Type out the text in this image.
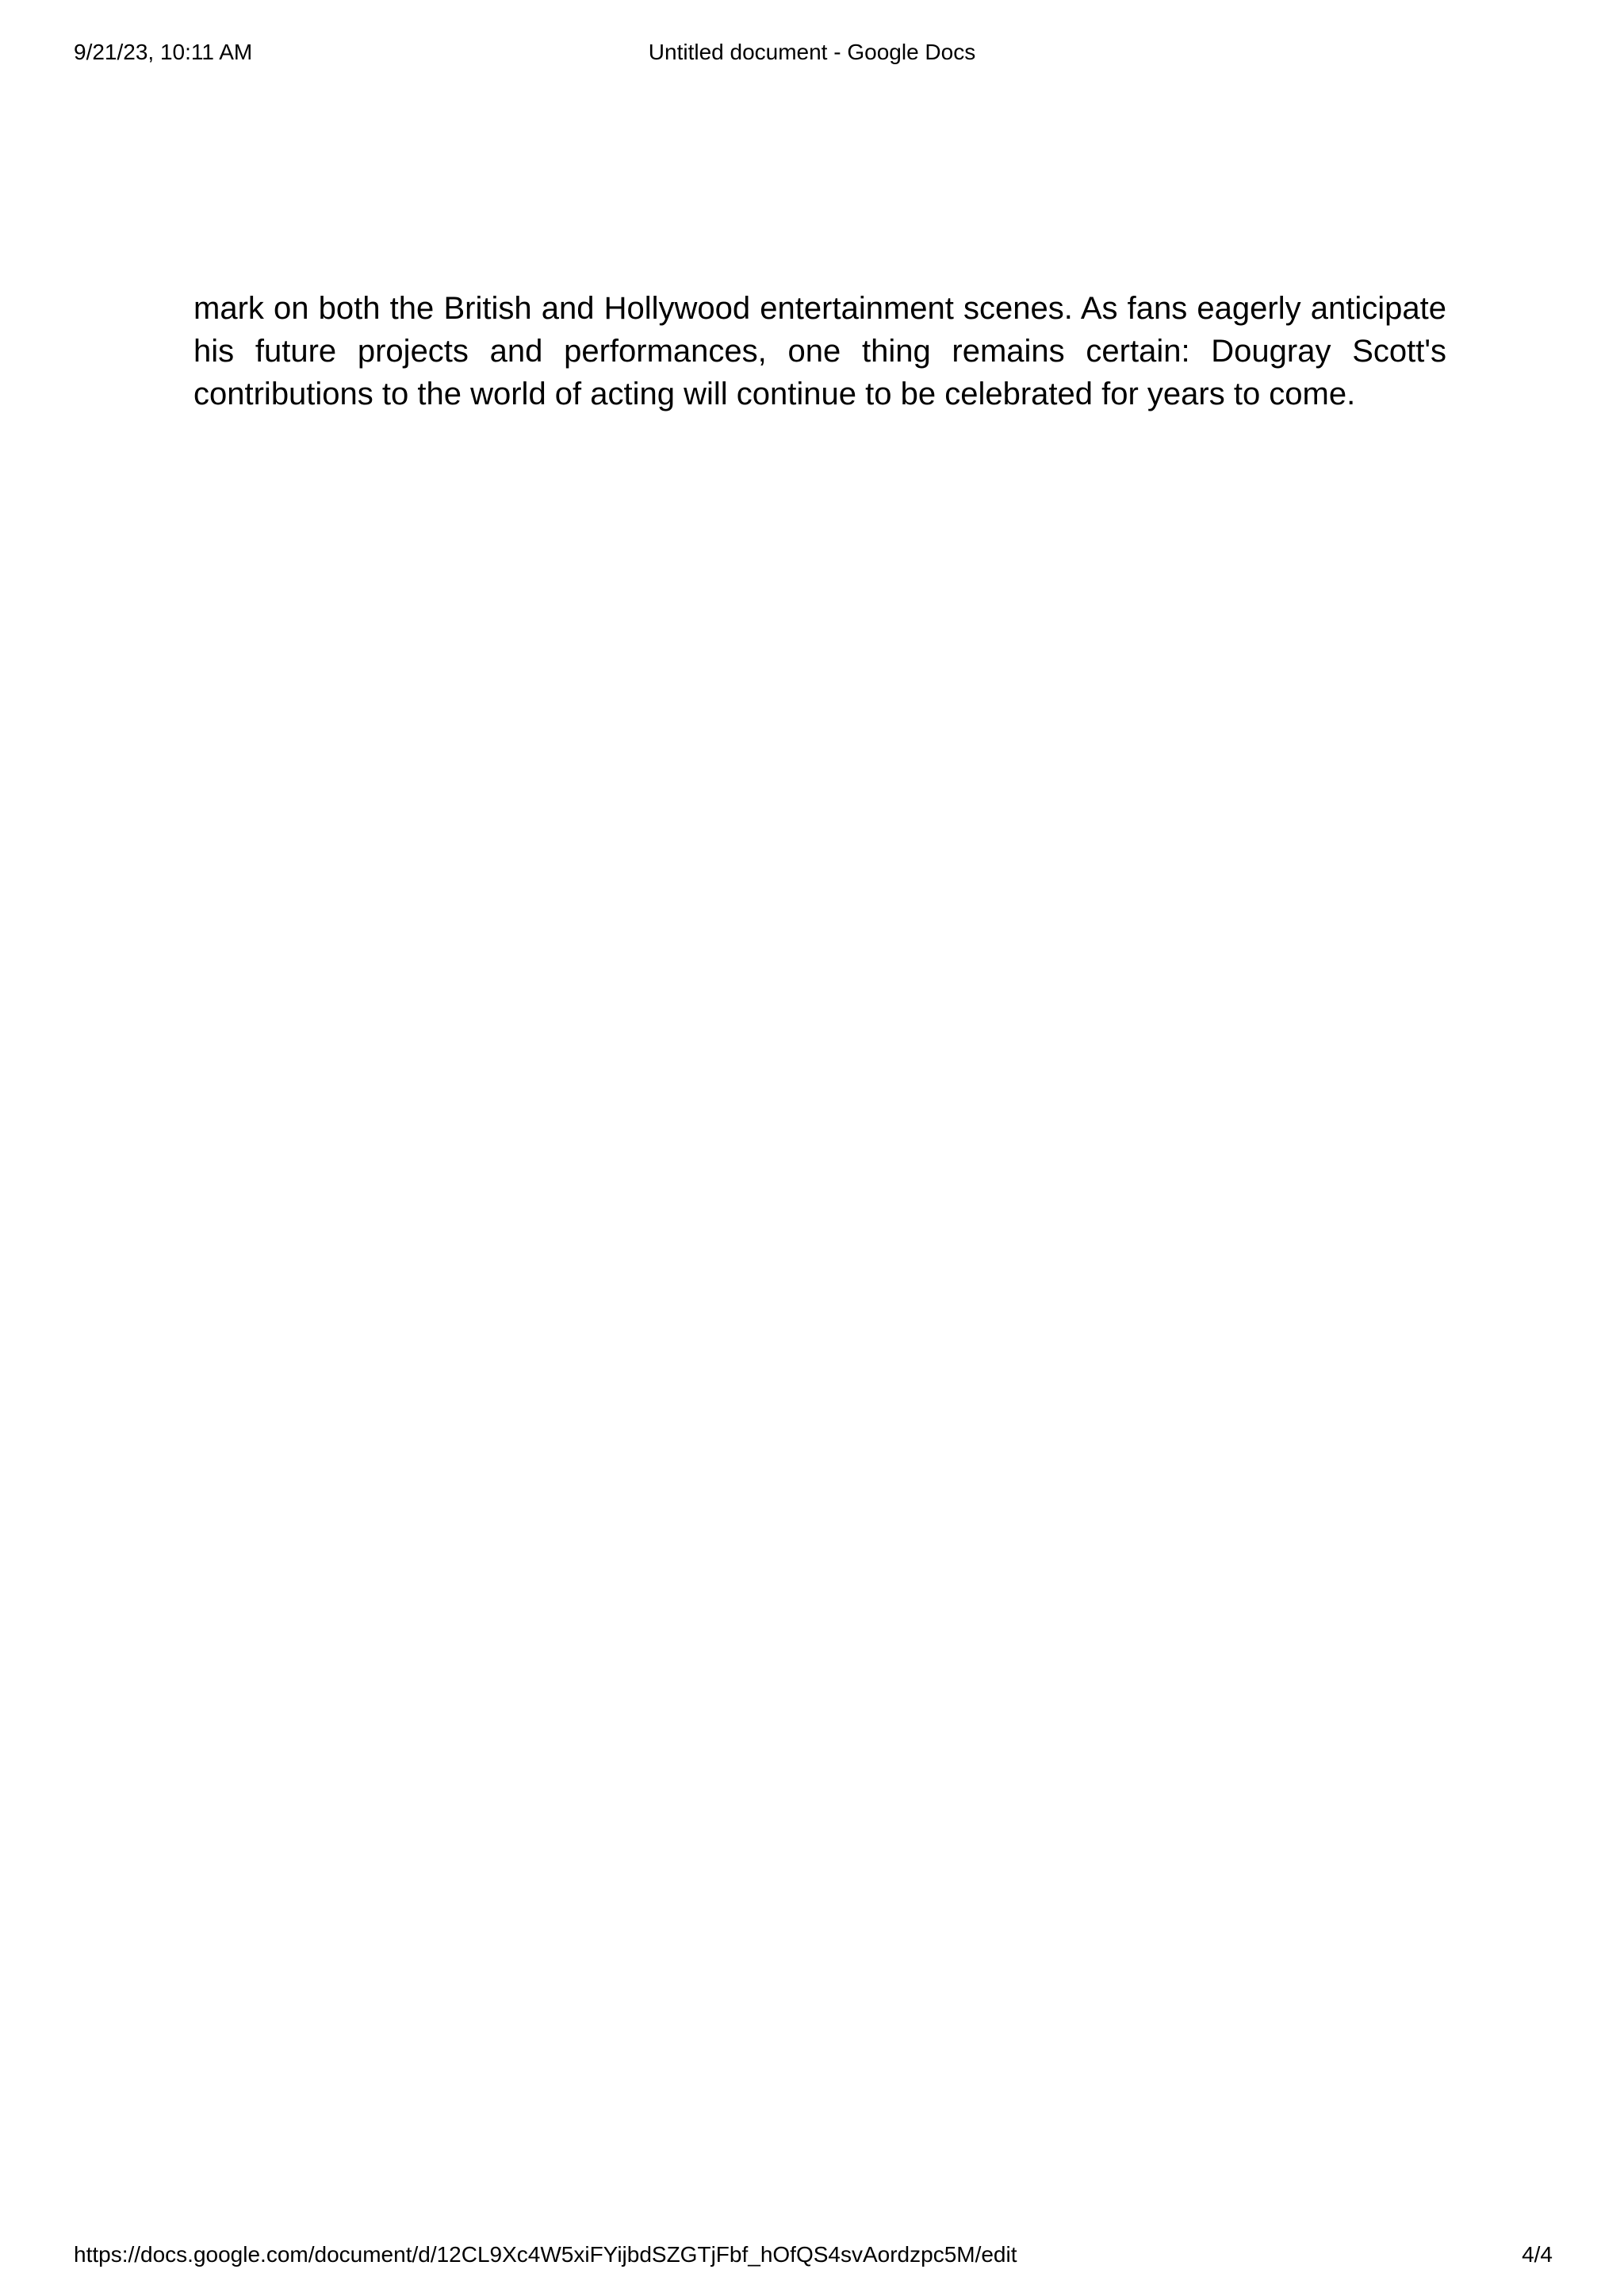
9/21/23, 10:11 AM	Untitled document - Google Docs

mark on both the British and Hollywood entertainment scenes. As fans eagerly anticipate his future projects and performances, one thing remains certain: Dougray Scott's contributions to the world of acting will continue to be celebrated for years to come.

https://docs.google.com/document/d/12CL9Xc4W5xiFYijbdSZGTjFbf_hOfQS4svAordzpc5M/edit	4/4
